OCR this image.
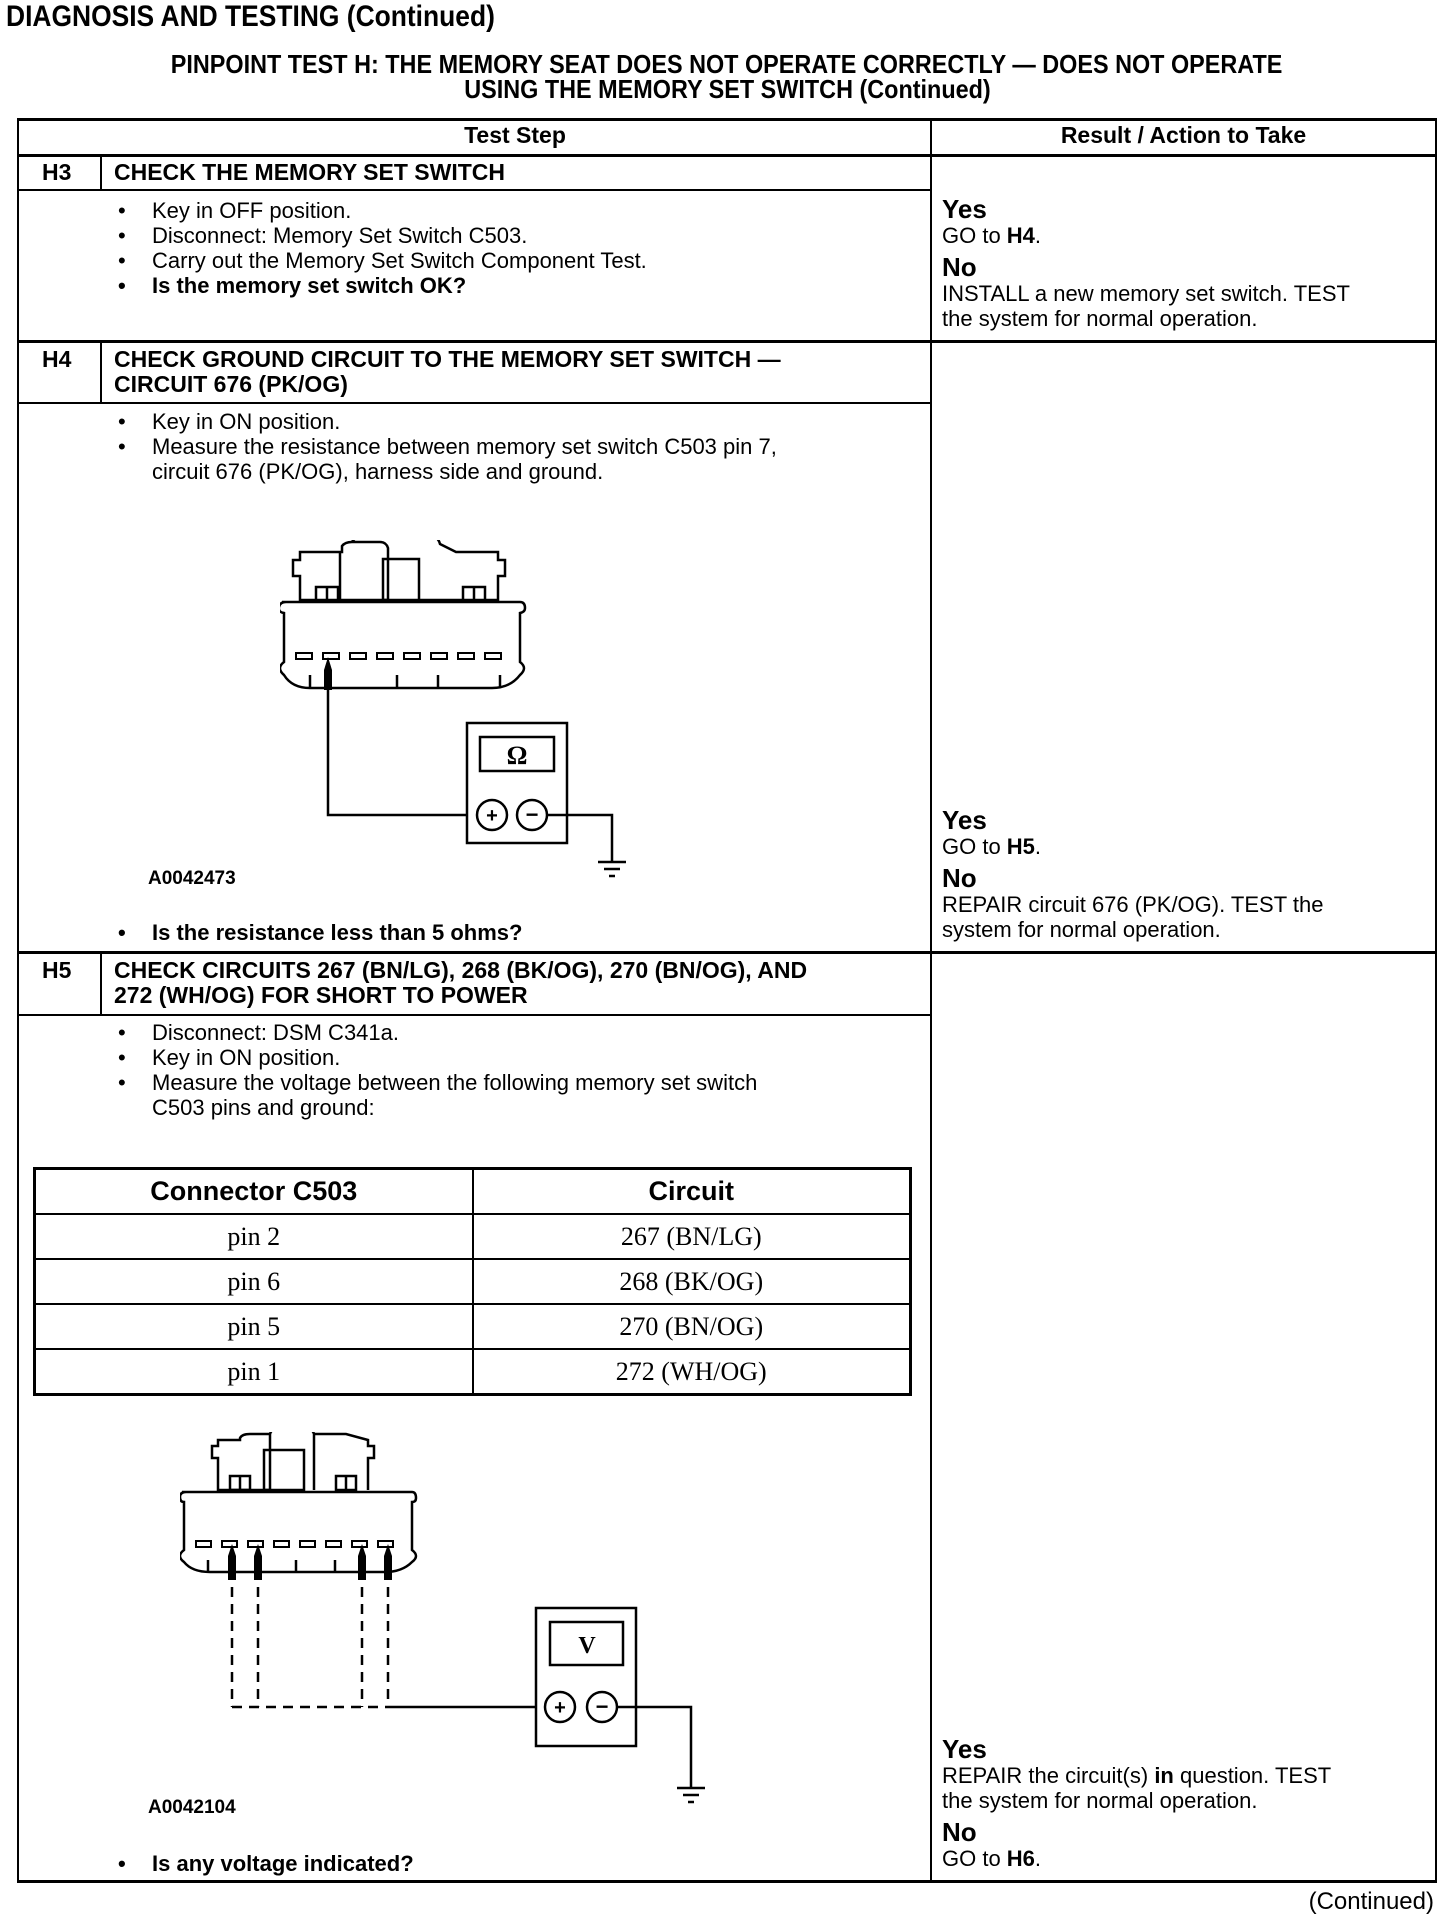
DIAGNOSIS AND TESTING (Continued)
PINPOINT TEST H: THE MEMORY SEAT DOES NOT OPERATE CORRECTLY — DOES NOT OPERATE
USING THE MEMORY SET SWITCH (Continued)
Test Step	Result / Action to Take
H3 CHECK THE MEMORY SET SWITCH
• Key in OFF position.
• Disconnect: Memory Set Switch C503.
• Carry out the Memory Set Switch Component Test.
• Is the memory set switch OK?
Yes
GO to H4.
No
INSTALL a new memory set switch. TEST
the system for normal operation.
H4 CHECK GROUND CIRCUIT TO THE MEMORY SET SWITCH —
CIRCUIT 676 (PK/OG)
• Key in ON position.
• Measure the resistance between memory set switch C503 pin 7,
circuit 676 (PK/OG), harness side and ground.
Ω
+ −
A0042473
• Is the resistance less than 5 ohms?
Yes
GO to H5.
No
REPAIR circuit 676 (PK/OG). TEST the
system for normal operation.
H5 CHECK CIRCUITS 267 (BN/LG), 268 (BK/OG), 270 (BN/OG), AND
272 (WH/OG) FOR SHORT TO POWER
• Disconnect: DSM C341a.
• Key in ON position.
• Measure the voltage between the following memory set switch
C503 pins and ground:
Connector C503	Circuit
pin 2	267 (BN/LG)
pin 6	268 (BK/OG)
pin 5	270 (BN/OG)
pin 1	272 (WH/OG)
V
+ −
A0042104
• Is any voltage indicated?
Yes
REPAIR the circuit(s) in question. TEST
the system for normal operation.
No
GO to H6.
(Continued)
